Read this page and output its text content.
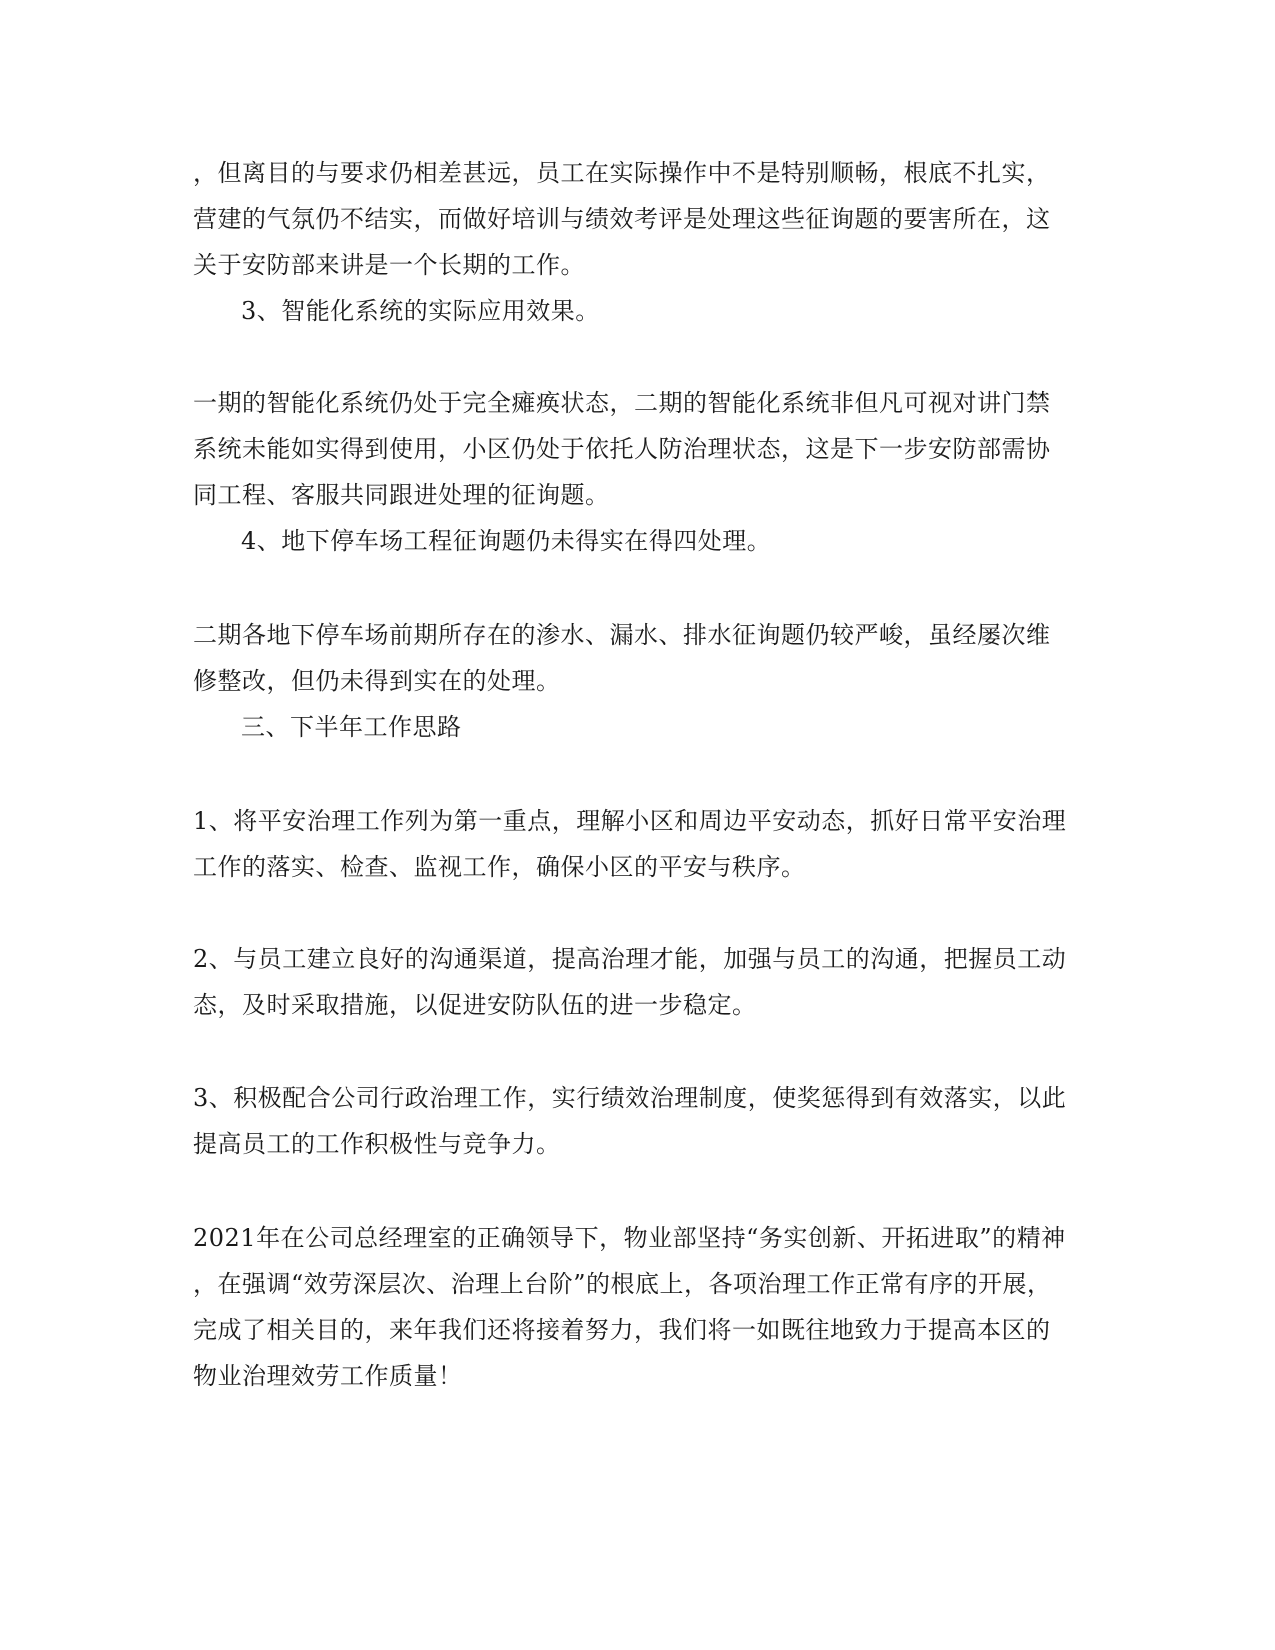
，但离目的与要求仍相差甚远，员工在实际操作中不是特别顺畅，根底不扎实，
营建的气氛仍不结实，而做好培训与绩效考评是处理这些征询题的要害所在，这
关于安防部来讲是一个长期的工作。
3、智能化系统的实际应用效果。
一期的智能化系统仍处于完全瘫痪状态，二期的智能化系统非但凡可视对讲门禁
系统未能如实得到使用，小区仍处于依托人防治理状态，这是下一步安防部需协
同工程、客服共同跟进处理的征询题。
4、地下停车场工程征询题仍未得实在得四处理。
二期各地下停车场前期所存在的渗水、漏水、排水征询题仍较严峻，虽经屡次维
修整改，但仍未得到实在的处理。
三、下半年工作思路
1、将平安治理工作列为第一重点，理解小区和周边平安动态，抓好日常平安治理
工作的落实、检查、监视工作，确保小区的平安与秩序。
2、与员工建立良好的沟通渠道，提高治理才能，加强与员工的沟通，把握员工动
态，及时采取措施，以促进安防队伍的进一步稳定。
3、积极配合公司行政治理工作，实行绩效治理制度，使奖惩得到有效落实，以此
提高员工的工作积极性与竞争力。
2021年在公司总经理室的正确领导下，物业部坚持“务实创新、开拓进取”的精神
，在强调“效劳深层次、治理上台阶”的根底上，各项治理工作正常有序的开展，
完成了相关目的，来年我们还将接着努力，我们将一如既往地致力于提高本区的
物业治理效劳工作质量！
